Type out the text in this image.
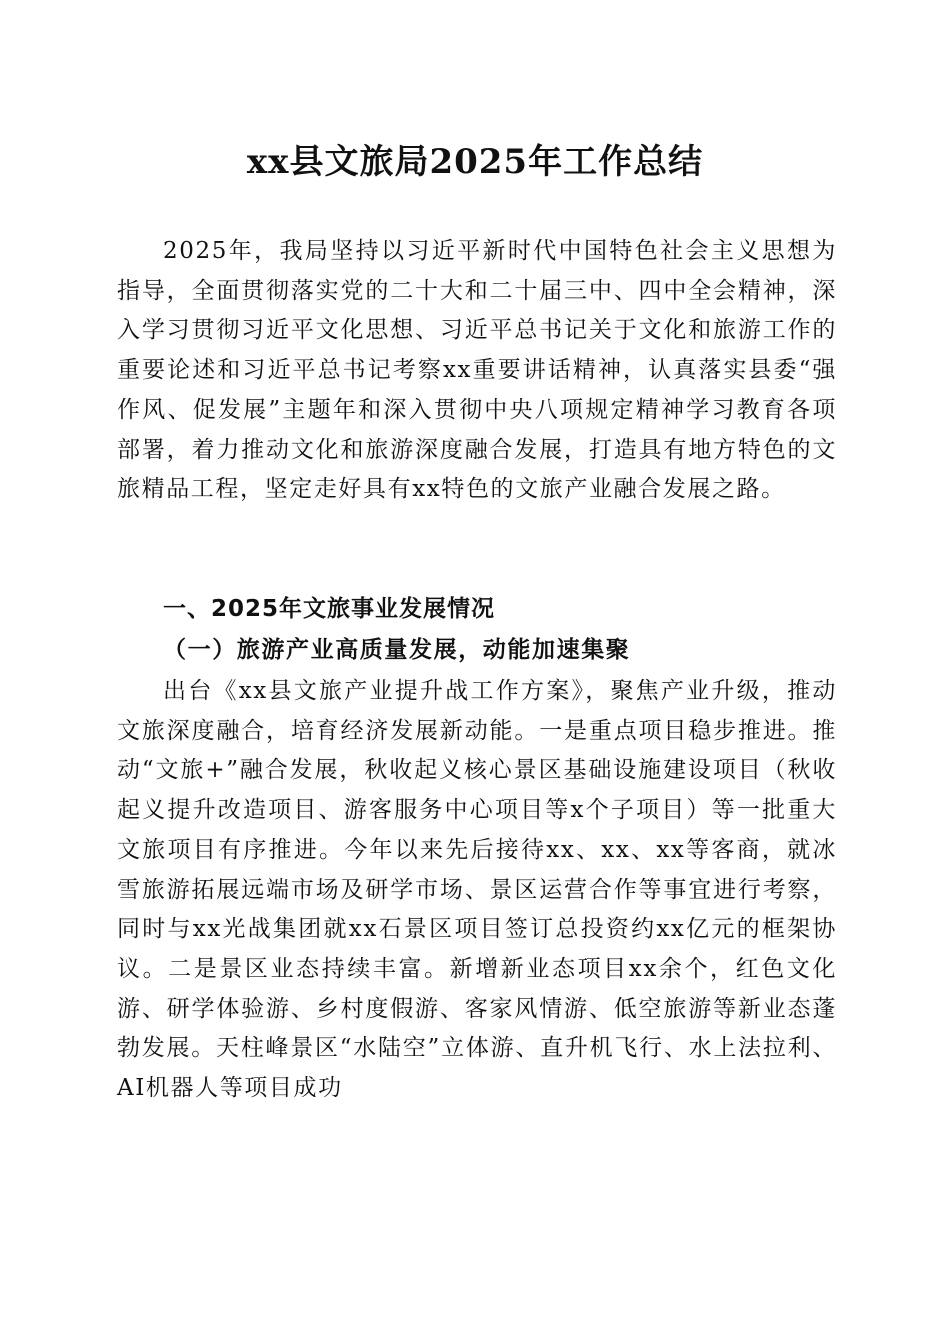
xx县文旅局2025年工作总结

2025年，我局坚持以习近平新时代中国特色社会主义思想为指导，全面贯彻落实党的二十大和二十届三中、四中全会精神，深入学习贯彻习近平文化思想、习近平总书记关于文化和旅游工作的重要论述和习近平总书记考察xx重要讲话精神，认真落实县委“强作风、促发展”主题年和深入贯彻中央八项规定精神学习教育各项部署，着力推动文化和旅游深度融合发展，打造具有地方特色的文旅精品工程，坚定走好具有xx特色的文旅产业融合发展之路。

一、2025年文旅事业发展情况
（一）旅游产业高质量发展，动能加速集聚

出台《xx县文旅产业提升战工作方案》，聚焦产业升级，推动文旅深度融合，培育经济发展新动能。一是重点项目稳步推进。推动“文旅+”融合发展，秋收起义核心景区基础设施建设项目（秋收起义提升改造项目、游客服务中心项目等x个子项目）等一批重大文旅项目有序推进。今年以来先后接待xx、xx、xx等客商，就冰雪旅游拓展远端市场及研学市场、景区运营合作等事宜进行考察，同时与xx光战集团就xx石景区项目签订总投资约xx亿元的框架协议。二是景区业态持续丰富。新增新业态项目xx余个，红色文化游、研学体验游、乡村度假游、客家风情游、低空旅游等新业态蓬勃发展。天柱峰景区“水陆空”立体游、直升机飞行、水上法拉利、AI机器人等项目成功
